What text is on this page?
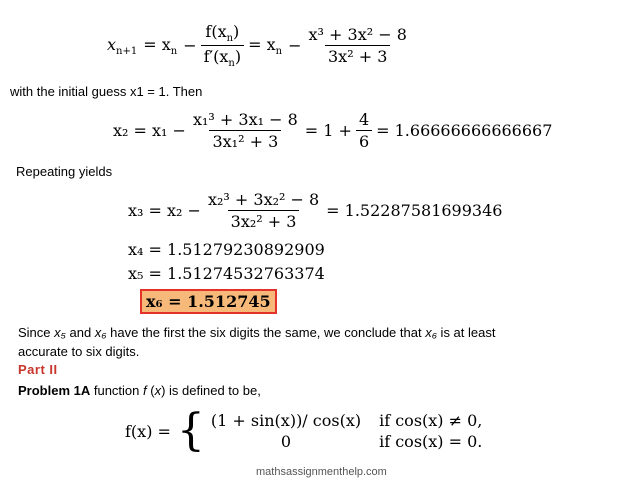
$x_{n+1} = x_n - \frac{f(x_n)}{f'(x_n)} = x_n - \frac{\text{x³ + 3x² − 8}}{\text{3x² + 3}}$
with the initial guess x1 = 1. Then
$x_2 = x_1 - \frac{\text{x₁³ + 3x₁ − 8}}{\text{3x₁² + 3}} = 1 + \frac{4}{6} = 1.66666666666667$
Repeating yields
$x_3 = x_2 - \frac{\text{x₂³ + 3x₂² − 8}}{\text{3x₂² + 3}} = 1.52287581699346$
x₄ = 1.51279230892909
x₅ = 1.51274532763374
x₆ = 1.512745
Since x₅ and x₆ have the first the six digits the same, we conclude that x₆ is at least
accurate to six digits.
Part II
Problem 1A function f (x) is defined to be,
f(x) = { (1 + sin(x))/ cos(x) if cos(x) ≠ 0,
0	if cos(x) = 0.
mathsassignmenthelp.com
